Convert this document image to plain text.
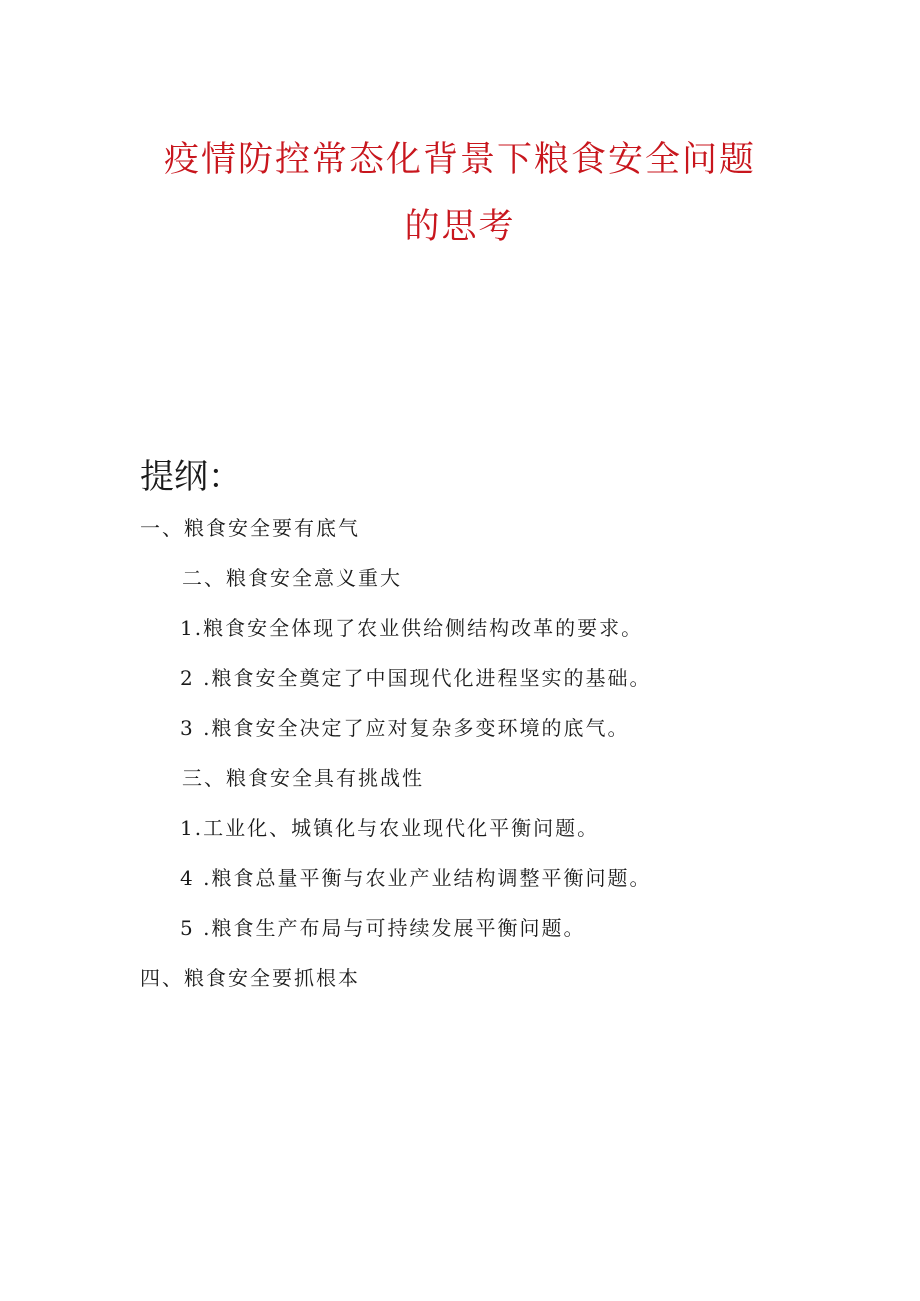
疫情防控常态化背景下粮食安全问题
的思考
提纲：
一、粮食安全要有底气
二、粮食安全意义重大
1.粮食安全体现了农业供给侧结构改革的要求。
2 .粮食安全奠定了中国现代化进程坚实的基础。
3 .粮食安全决定了应对复杂多变环境的底气。
三、粮食安全具有挑战性
1.工业化、城镇化与农业现代化平衡问题。
4 .粮食总量平衡与农业产业结构调整平衡问题。
5 .粮食生产布局与可持续发展平衡问题。
四、粮食安全要抓根本
